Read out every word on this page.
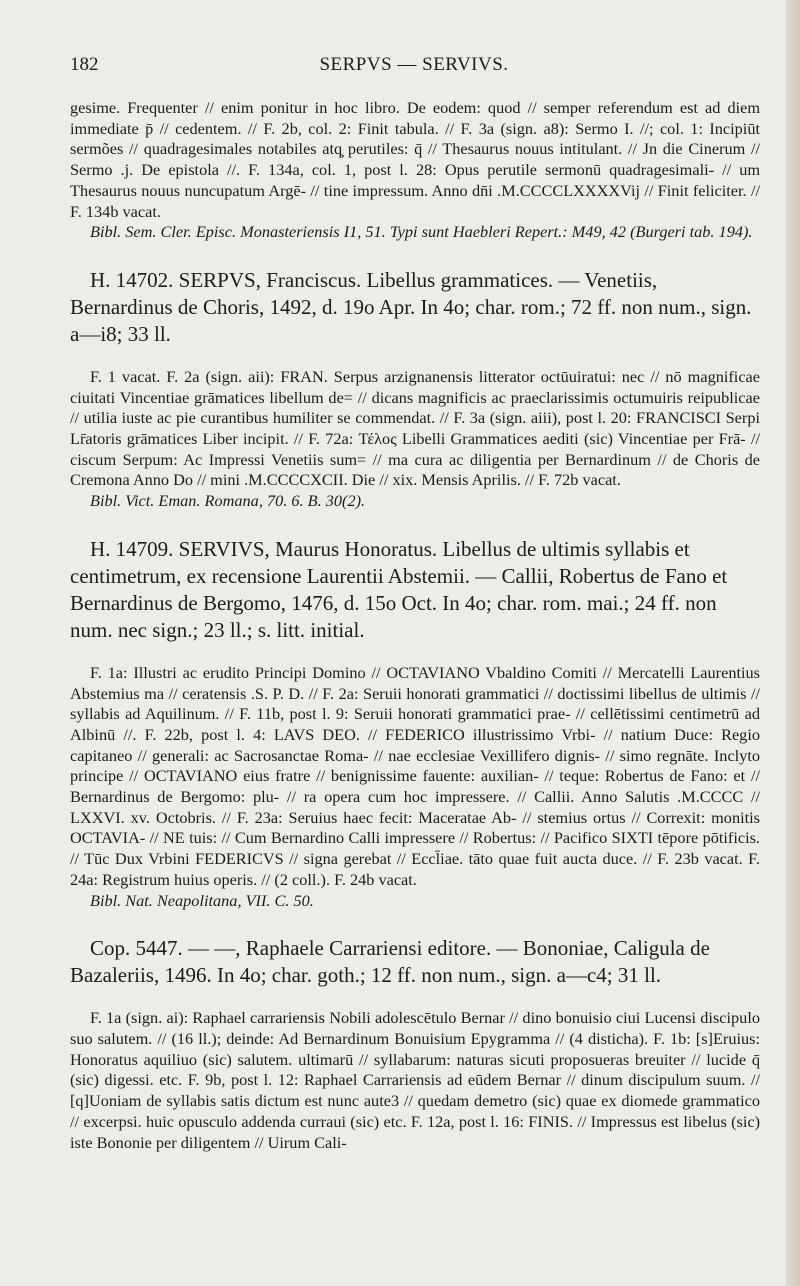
182	SERPVS — SERVIVS.

gesime. Frequenter // enim ponitur in hoc libro. De eodem: quod // semper referendum est ad diem immediate p̄ // cedentem. // F. 2b, col. 2: Finit tabula. // F. 3a (sign. a8): Sermo I. //; col. 1: Incipiūt sermões // quadragesimales notabiles atq̧ perutiles: q̄ // Thesaurus nouus intitulant. // Jn die Cinerum // Sermo .j. De epistola //. F. 134a, col. 1, post l. 28: Opus perutile sermonū quadragesimali- // um Thesaurus nouus nuncupatum Argē- // tine impressum. Anno dn̄i .M.CCCCLXXXXVij // Finit feliciter. // F. 134b vacat.

Bibl. Sem. Cler. Episc. Monasteriensis I1, 51. Typi sunt Haebleri Repert.: M49, 42 (Burgeri tab. 194).

H. 14702. SERPVS, Franciscus. Libellus grammatices. — Venetiis, Bernardinus de Choris, 1492, d. 19o Apr. In 4o; char. rom.; 72 ff. non num., sign. a—i8; 33 ll.

F. 1 vacat. F. 2a (sign. aii): FRAN. Serpus arzignanensis litterator octūuiratui: nec // nō magnificae ciuitati Vincentiae grāmatices libellum de= // dicans magnificis ac praeclarissimis octumuiris reipublicae // utilia iuste ac pie curantibus humiliter se commendat. // F. 3a (sign. aiii), post l. 20: FRANCISCI Serpi Lr̄atoris grāmatices Liber incipit. // F. 72a: Τέλος Libelli Grammatices aediti (sic) Vincentiae per Frā- // ciscum Serpum: Ac Impressi Venetiis sum= // ma cura ac diligentia per Bernardinum // de Choris de Cremona Anno Do // mini .M.CCCCXCII. Die // xix. Mensis Aprilis. // F. 72b vacat.

Bibl. Vict. Eman. Romana, 70. 6. B. 30(2).

H. 14709. SERVIVS, Maurus Honoratus. Libellus de ultimis syllabis et centimetrum, ex recensione Laurentii Abstemii. — Callii, Robertus de Fano et Bernardinus de Bergomo, 1476, d. 15o Oct. In 4o; char. rom. mai.; 24 ff. non num. nec sign.; 23 ll.; s. litt. initial.

F. 1a: Illustri ac erudito Principi Domino // OCTAVIANO Vbaldino Comiti // Mercatelli Laurentius Abstemius ma // ceratensis .S. P. D. // F. 2a: Seruii honorati grammatici // doctissimi libellus de ultimis // syllabis ad Aquilinum. // F. 11b, post l. 9: Seruii honorati grammatici prae- // cellētissimi centimetrū ad Albinū //. F. 22b, post l. 4: LAVS DEO. // FEDERICO illustrissimo Vrbi- // natium Duce: Regio capitaneo // generali: ac Sacrosanctae Roma- // nae ecclesiae Vexillifero dignis- // simo regnāte. Inclyto principe // OCTAVIANO eius fratre // benignissime fauente: auxilian- // teque: Robertus de Fano: et // Bernardinus de Bergomo: plu- // ra opera cum hoc impressere. // Callii. Anno Salutis .M.CCCC // LXXVI. xv. Octobris. // F. 23a: Seruius haec fecit: Maceratae Ab- // stemius ortus // Correxit: monitis OCTAVIA- // NE tuis: // Cum Bernardino Calli impressere // Robertus: // Pacifico SIXTI tēpore pōtificis. // Tūc Dux Vrbini FEDERICVS // signa gerebat // Eccl̄iae. tāto quae fuit aucta duce. // F. 23b vacat. F. 24a: Registrum huius operis. // (2 coll.). F. 24b vacat.

Bibl. Nat. Neapolitana, VII. C. 50.

Cop. 5447. — —, Raphaele Carrariensi editore. — Bononiae, Caligula de Bazaleriis, 1496. In 4o; char. goth.; 12 ff. non num., sign. a—c4; 31 ll.

F. 1a (sign. ai): Raphael carrariensis Nobili adolescētulo Bernar // dino bonuisio ciui Lucensi discipulo suo salutem. // (16 ll.); deinde: Ad Bernardinum Bonuisium Epygramma // (4 disticha). F. 1b: [s]Eruius: Honoratus aquiliuo (sic) salutem. ultimarū // syllabarum: naturas sicuti proposueras breuiter // lucide q̄ (sic) digessi. etc. F. 9b, post l. 12: Raphael Carrariensis ad eūdem Bernar // dinum discipulum suum. // [q]Uoniam de syllabis satis dictum est nunc aute3 // quedam demetro (sic) quae ex diomede grammatico // excerpsi. huic opusculo addenda curraui (sic) etc. F. 12a, post l. 16: FINIS. // Impressus est libelus (sic) iste Bononie per diligentem // Uirum Cali-
